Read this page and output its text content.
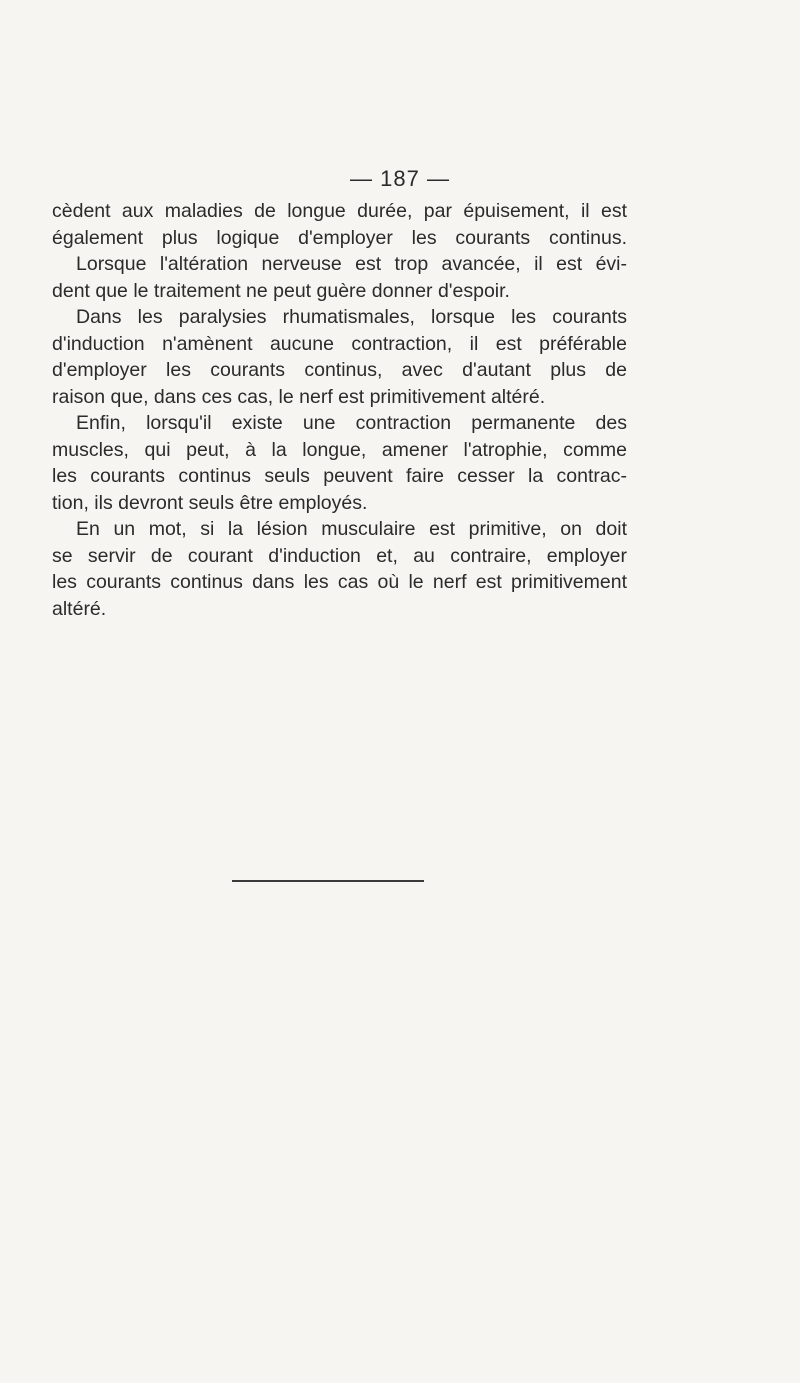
— 187 —
cèdent aux maladies de longue durée, par épuisement, il est
également plus logique d'employer les courants continus.
Lorsque l'altération nerveuse est trop avancée, il est évi-
dent que le traitement ne peut guère donner d'espoir.
Dans les paralysies rhumatismales, lorsque les courants
d'induction n'amènent aucune contraction, il est préférable
d'employer les courants continus, avec d'autant plus de
raison que, dans ces cas, le nerf est primitivement altéré.
Enfin, lorsqu'il existe une contraction permanente des
muscles, qui peut, à la longue, amener l'atrophie, comme
les courants continus seuls peuvent faire cesser la contrac-
tion, ils devront seuls être employés.
En un mot, si la lésion musculaire est primitive, on doit
se servir de courant d'induction et, au contraire, employer
les courants continus dans les cas où le nerf est primitivement
altéré.
